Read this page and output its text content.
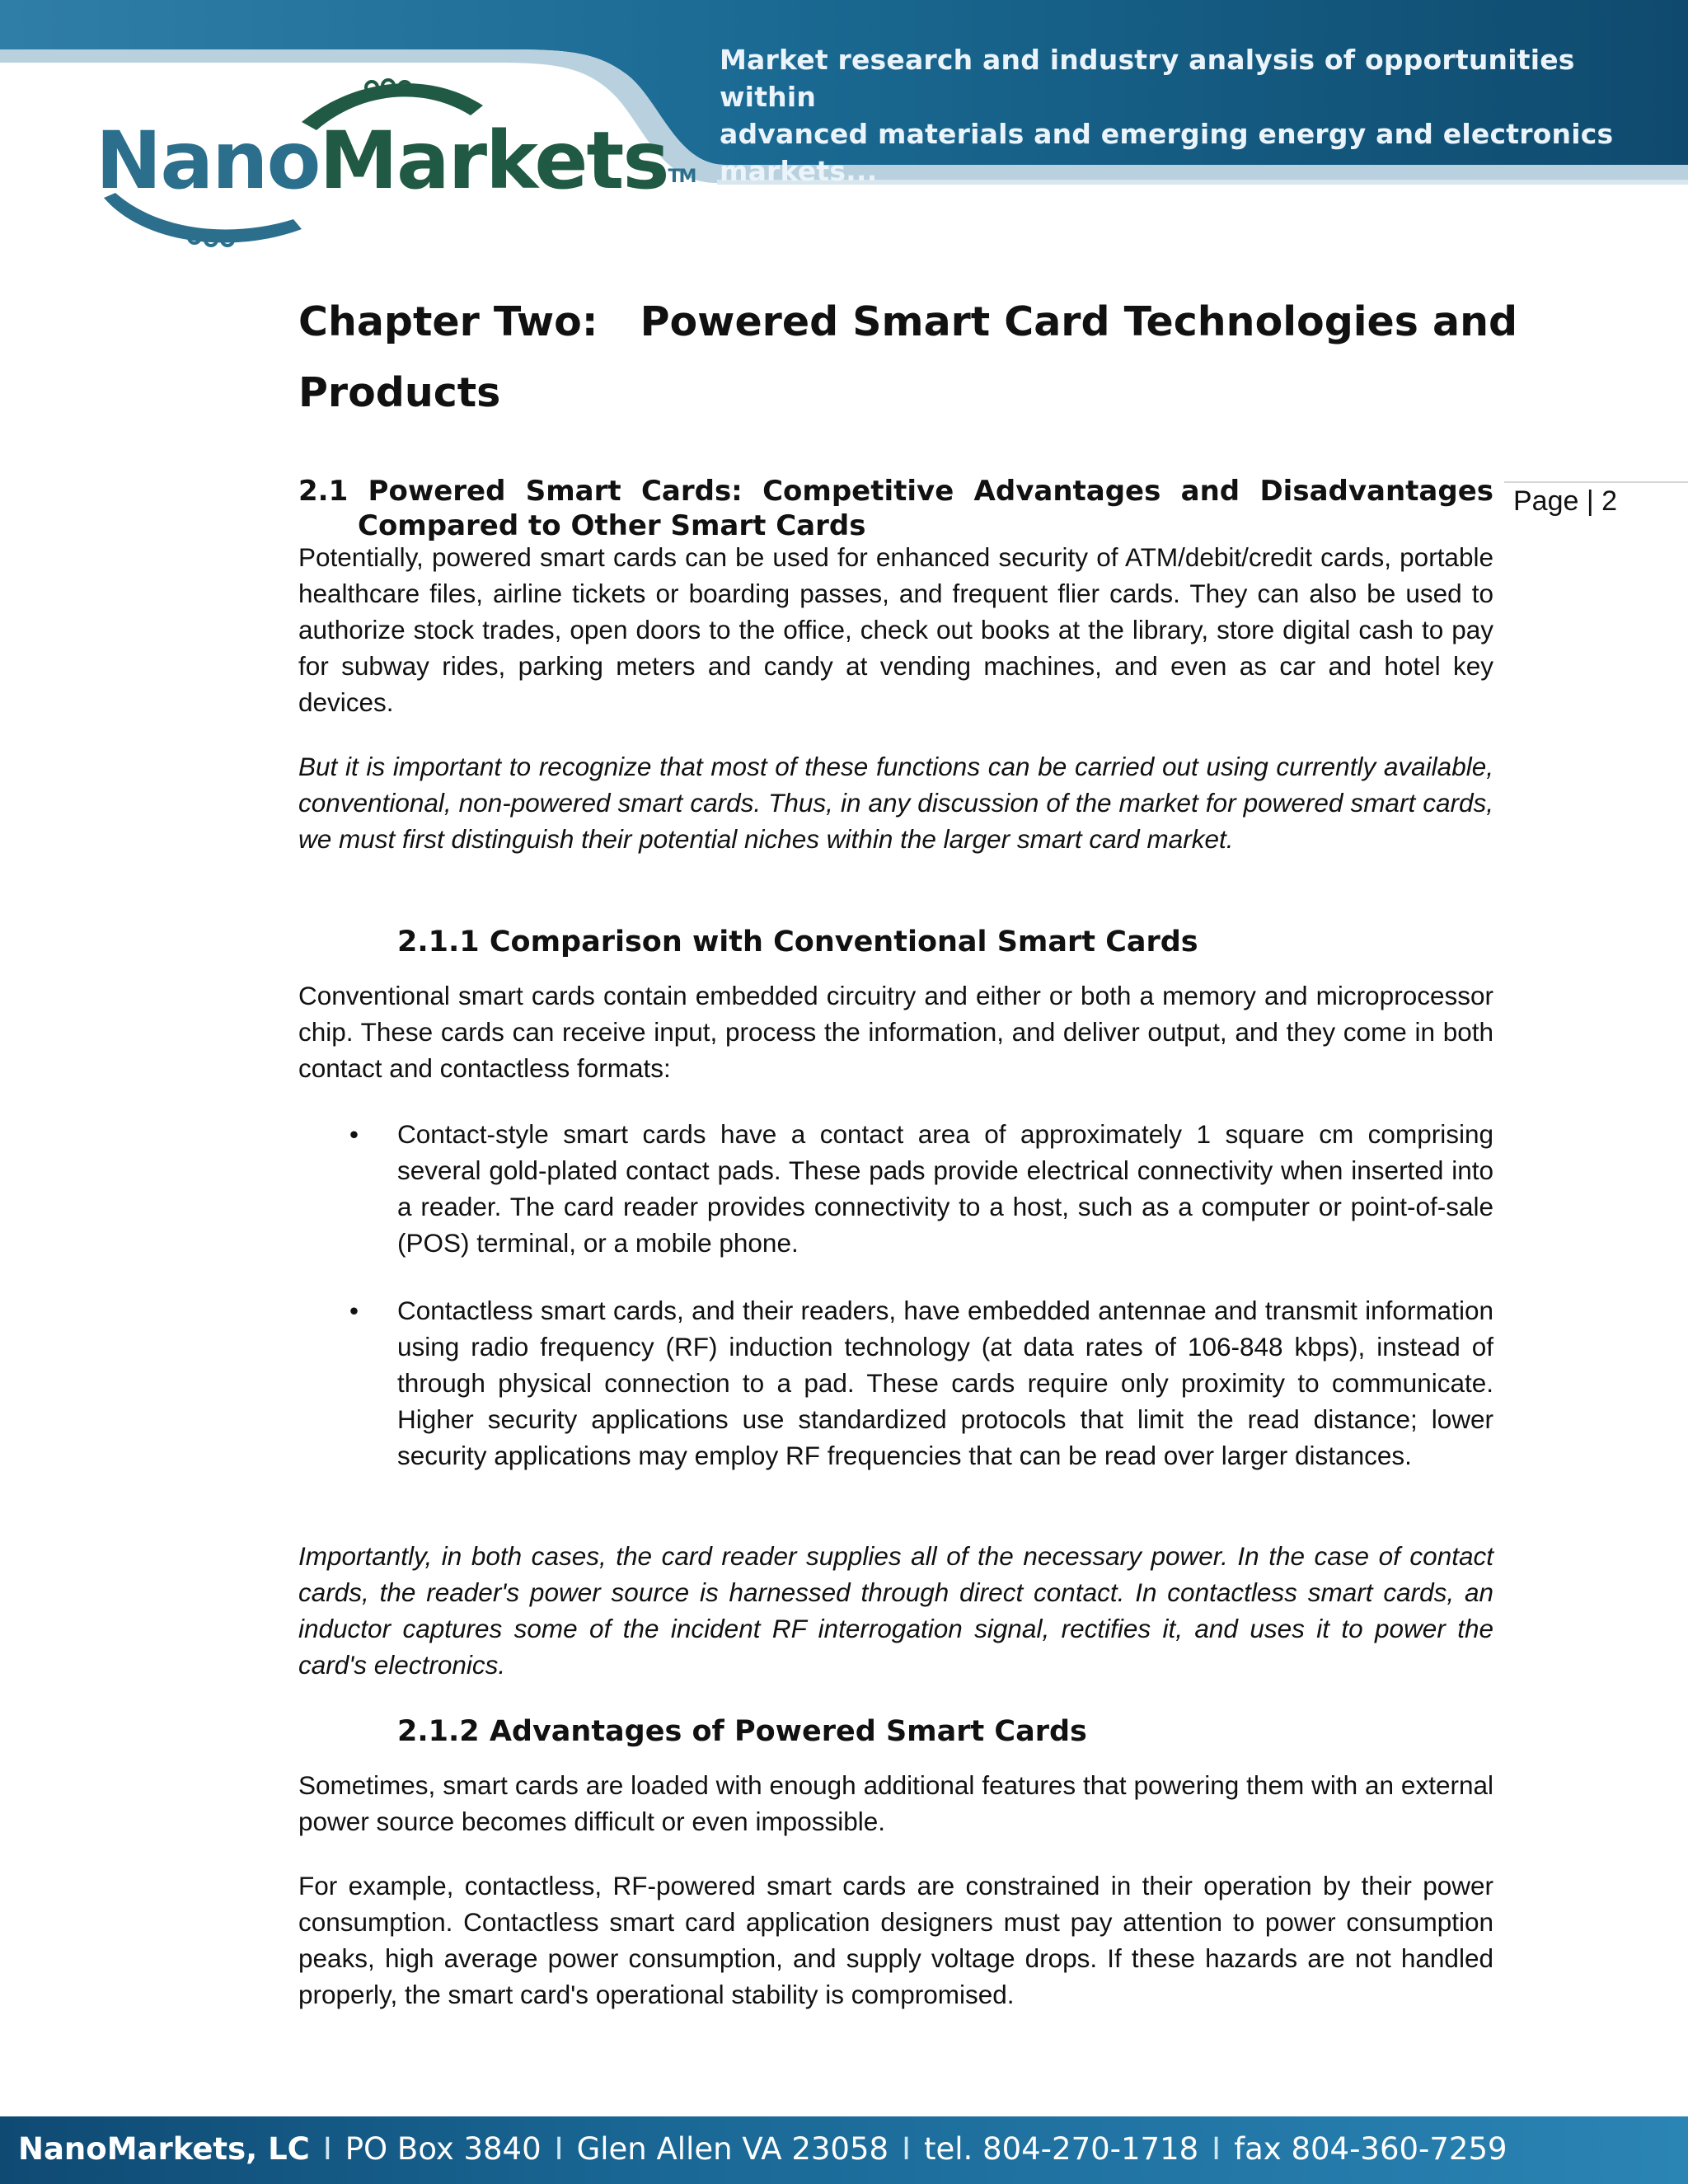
Market research and industry analysis of opportunities within
advanced materials and emerging energy and electronics markets...
NanoMarkets™
Page | 2
Chapter Two:   Powered Smart Card Technologies and
Products
2.1 Powered Smart Cards: Competitive Advantages and Disadvantages Compared to Other Smart Cards
Potentially, powered smart cards can be used for enhanced security of ATM/debit/credit cards, portable healthcare files, airline tickets or boarding passes, and frequent flier cards. They can also be used to authorize stock trades, open doors to the office, check out books at the library, store digital cash to pay for subway rides, parking meters and candy at vending machines, and even as car and hotel key devices.
But it is important to recognize that most of these functions can be carried out using currently available, conventional, non-powered smart cards. Thus, in any discussion of the market for powered smart cards, we must first distinguish their potential niches within the larger smart card market.
2.1.1 Comparison with Conventional Smart Cards
Conventional smart cards contain embedded circuitry and either or both a memory and microprocessor chip. These cards can receive input, process the information, and deliver output, and they come in both contact and contactless formats:
• Contact-style smart cards have a contact area of approximately 1 square cm comprising several gold-plated contact pads. These pads provide electrical connectivity when inserted into a reader. The card reader provides connectivity to a host, such as a computer or point-of-sale (POS) terminal, or a mobile phone.
• Contactless smart cards, and their readers, have embedded antennae and transmit information using radio frequency (RF) induction technology (at data rates of 106-848 kbps), instead of through physical connection to a pad. These cards require only proximity to communicate. Higher security applications use standardized protocols that limit the read distance; lower security applications may employ RF frequencies that can be read over larger distances.
Importantly, in both cases, the card reader supplies all of the necessary power. In the case of contact cards, the reader's power source is harnessed through direct contact. In contactless smart cards, an inductor captures some of the incident RF interrogation signal, rectifies it, and uses it to power the card's electronics.
2.1.2 Advantages of Powered Smart Cards
Sometimes, smart cards are loaded with enough additional features that powering them with an external power source becomes difficult or even impossible.
For example, contactless, RF-powered smart cards are constrained in their operation by their power consumption. Contactless smart card application designers must pay attention to power consumption peaks, high average power consumption, and supply voltage drops. If these hazards are not handled properly, the smart card's operational stability is compromised.
NanoMarkets, LC I PO Box 3840 I Glen Allen VA 23058 I tel. 804-270-1718 I fax 804-360-7259
